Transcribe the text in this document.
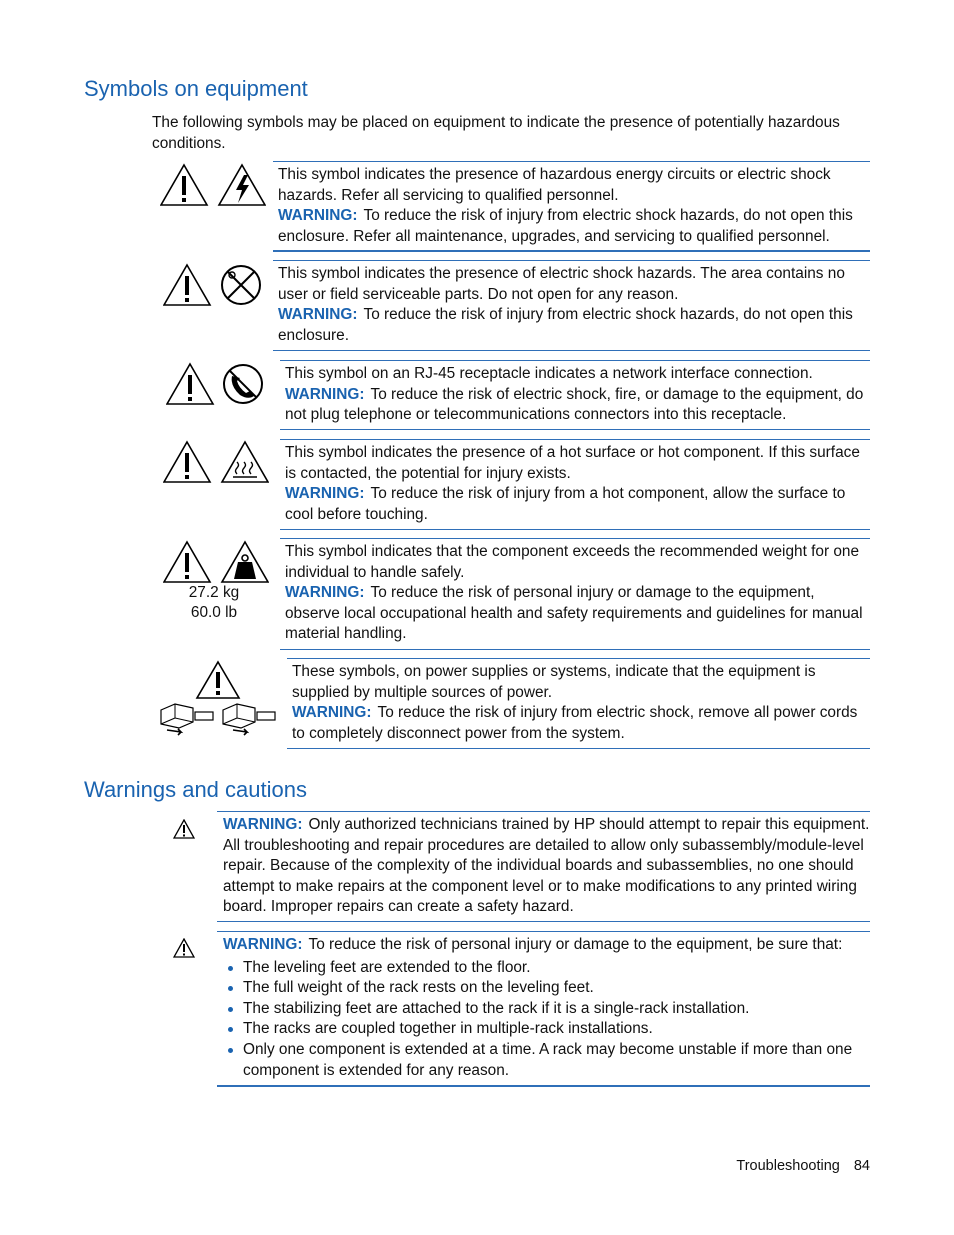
Symbols on equipment
The following symbols may be placed on equipment to indicate the presence of potentially hazardous conditions.
This symbol indicates the presence of hazardous energy circuits or electric shock hazards. Refer all servicing to qualified personnel.
WARNING: To reduce the risk of injury from electric shock hazards, do not open this enclosure. Refer all maintenance, upgrades, and servicing to qualified personnel.
This symbol indicates the presence of electric shock hazards. The area contains no user or field serviceable parts. Do not open for any reason.
WARNING: To reduce the risk of injury from electric shock hazards, do not open this enclosure.
This symbol on an RJ-45 receptacle indicates a network interface connection.
WARNING: To reduce the risk of electric shock, fire, or damage to the equipment, do not plug telephone or telecommunications connectors into this receptacle.
This symbol indicates the presence of a hot surface or hot component. If this surface is contacted, the potential for injury exists.
WARNING: To reduce the risk of injury from a hot component, allow the surface to cool before touching.
27.2 kg
60.0 lb
This symbol indicates that the component exceeds the recommended weight for one individual to handle safely.
WARNING: To reduce the risk of personal injury or damage to the equipment, observe local occupational health and safety requirements and guidelines for manual material handling.
These symbols, on power supplies or systems, indicate that the equipment is supplied by multiple sources of power.
WARNING: To reduce the risk of injury from electric shock, remove all power cords to completely disconnect power from the system.
Warnings and cautions
WARNING: Only authorized technicians trained by HP should attempt to repair this equipment. All troubleshooting and repair procedures are detailed to allow only subassembly/module-level repair. Because of the complexity of the individual boards and subassemblies, no one should attempt to make repairs at the component level or to make modifications to any printed wiring board. Improper repairs can create a safety hazard.
WARNING: To reduce the risk of personal injury or damage to the equipment, be sure that:
The leveling feet are extended to the floor.
The full weight of the rack rests on the leveling feet.
The stabilizing feet are attached to the rack if it is a single-rack installation.
The racks are coupled together in multiple-rack installations.
Only one component is extended at a time. A rack may become unstable if more than one component is extended for any reason.
Troubleshooting 84
